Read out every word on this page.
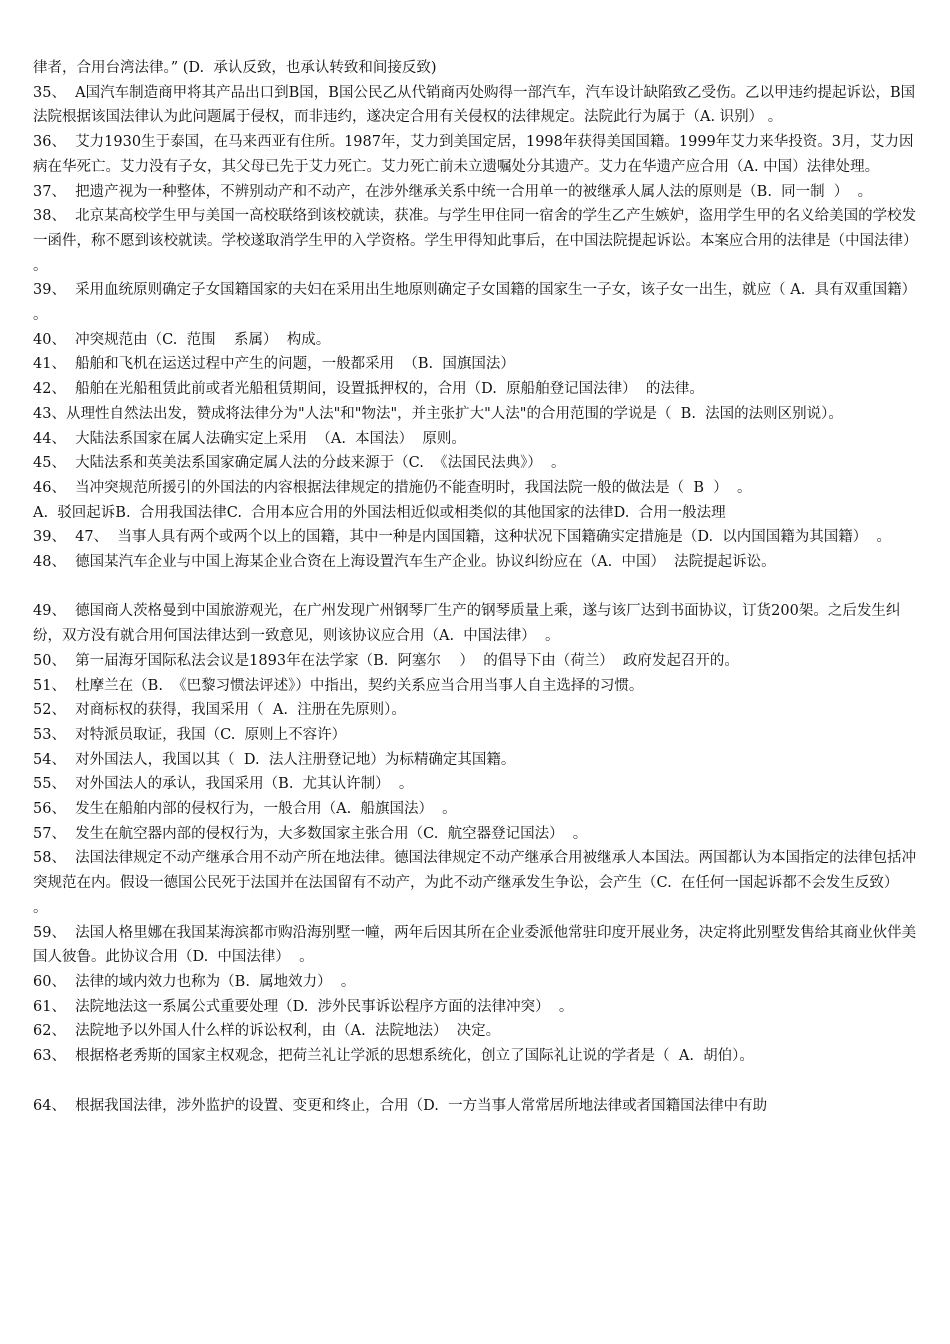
律者，合用台湾法律。” (D.  承认反致，也承认转致和间接反致)

35、  A国汽车制造商甲将其产品出口到B国，B国公民乙从代销商丙处购得一部汽车，汽车设计缺陷致乙受伤。乙以甲违约提起诉讼，B国法院根据该国法律认为此问题属于侵权，而非违约，遂决定合用有关侵权的法律规定。法院此行为属于（A. 识别） 。

36、  艾力1930生于泰国，在马来西亚有住所。1987年，艾力到美国定居，1998年获得美国国籍。1999年艾力来华投资。3月，艾力因病在华死亡。艾力没有子女，其父母已先于艾力死亡。艾力死亡前未立遗嘱处分其遗产。艾力在华遗产应合用（A. 中国）法律处理。

37、  把遗产视为一种整体，不辨别动产和不动产，在涉外继承关系中统一合用单一的被继承人属人法的原则是（B.  同一制  ）  。

38、  北京某高校学生甲与美国一高校联络到该校就读，获准。与学生甲住同一宿舍的学生乙产生嫉妒，盗用学生甲的名义给美国的学校发一函件，称不愿到该校就读。学校遂取消学生甲的入学资格。学生甲得知此事后，在中国法院提起诉讼。本案应合用的法律是（中国法律）  。

39、  采用血统原则确定子女国籍国家的夫妇在采用出生地原则确定子女国籍的国家生一子女，该子女一出生，就应（ A.  具有双重国籍）  。

40、  冲突规范由（C.  范围    系属）  构成。

41、  船舶和飞机在运送过程中产生的问题，一般都采用  （B.  国旗国法）

42、  船舶在光船租赁此前或者光船租赁期间，设置抵押权的，合用（D.  原船舶登记国法律）  的法律。

43、从理性自然法出发，赞成将法律分为"人法"和"物法"，并主张扩大"人法"的合用范围的学说是（  B.  法国的法则区别说）。

44、  大陆法系国家在属人法确实定上采用  （A.  本国法）  原则。

45、  大陆法系和英美法系国家确定属人法的分歧来源于（C.  《法国民法典》）  。

46、  当冲突规范所援引的外国法的内容根据法律规定的措施仍不能查明时，我国法院一般的做法是（  B  ）  。

A.  驳回起诉B.  合用我国法律C.  合用本应合用的外国法相近似或相类似的其他国家的法律D.  合用一般法理

39、  47、  当事人具有两个或两个以上的国籍，其中一种是内国国籍，这种状况下国籍确实定措施是（D.  以内国国籍为其国籍）  。

48、  德国某汽车企业与中国上海某企业合资在上海设置汽车生产企业。协议纠纷应在（A.  中国）  法院提起诉讼。

49、  德国商人茨格曼到中国旅游观光，在广州发现广州钢琴厂生产的钢琴质量上乘，遂与该厂达到书面协议，订货200架。之后发生纠纷，双方没有就合用何国法律达到一致意见，则该协议应合用（A.  中国法律）  。

50、  第一届海牙国际私法会议是1893年在法学家（B.  阿塞尔    ）  的倡导下由（荷兰）  政府发起召开的。

51、  杜摩兰在（B.  《巴黎习惯法评述》）中指出，契约关系应当合用当事人自主选择的习惯。

52、  对商标权的获得，我国采用（  A.  注册在先原则）。

53、  对特派员取证，我国（C.  原则上不容许）

54、  对外国法人，我国以其（  D.  法人注册登记地）为标精确定其国籍。

55、  对外国法人的承认，我国采用（B.  尤其认许制）  。

56、  发生在船舶内部的侵权行为，一般合用（A.  船旗国法）  。

57、  发生在航空器内部的侵权行为，大多数国家主张合用（C.  航空器登记国法）  。

58、  法国法律规定不动产继承合用不动产所在地法律。德国法律规定不动产继承合用被继承人本国法。两国都认为本国指定的法律包括冲突规范在内。假设一德国公民死于法国并在法国留有不动产，为此不动产继承发生争讼，会产生（C.  在任何一国起诉都不会发生反致）  。

59、  法国人格里娜在我国某海滨都市购沿海别墅一幢，两年后因其所在企业委派他常驻印度开展业务，决定将此别墅发售给其商业伙伴美国人彼鲁。此协议合用（D.  中国法律）  。

60、  法律的域内效力也称为（B.  属地效力）  。

61、  法院地法这一系属公式重要处理（D.  涉外民事诉讼程序方面的法律冲突）  。

62、  法院地予以外国人什么样的诉讼权利，由（A.  法院地法）  决定。

63、  根据格老秀斯的国家主权观念，把荷兰礼让学派的思想系统化，创立了国际礼让说的学者是（  A.  胡伯）。

64、  根据我国法律，涉外监护的设置、变更和终止，合用（D.  一方当事人常常居所地法律或者国籍国法律中有助
